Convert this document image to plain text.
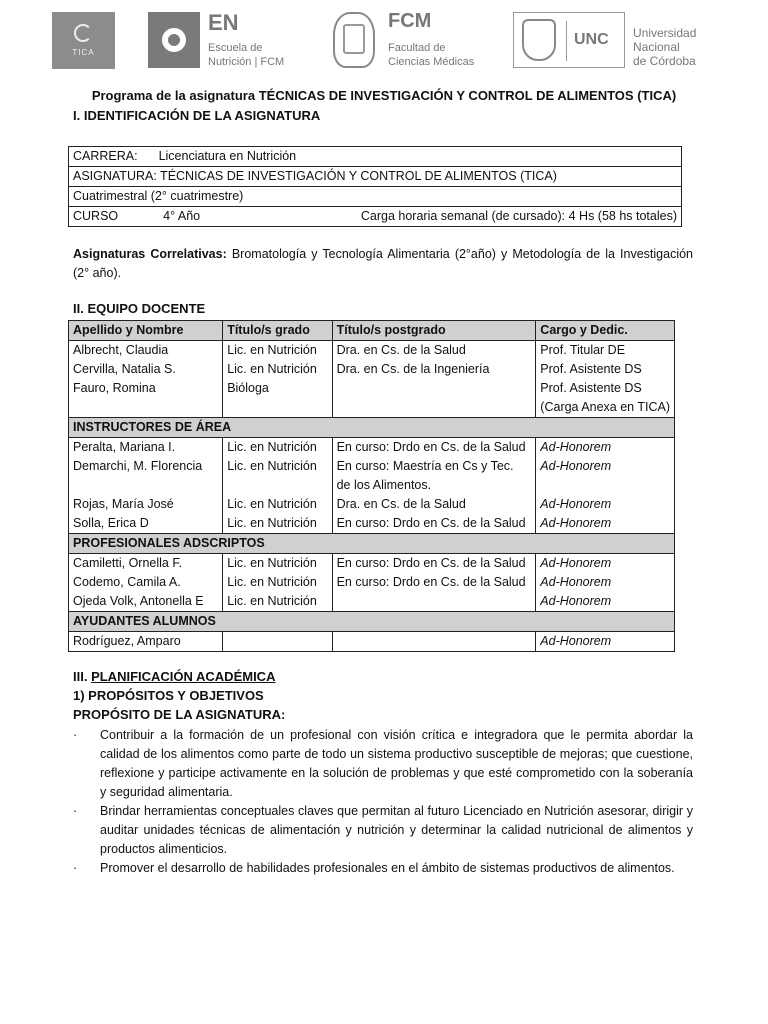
TICA
EN
Escuela de
Nutrición | FCM
FCM
Facultad de
Ciencias Médicas
UNC Universidad
Nacional
de Córdoba
Programa de la asignatura TÉCNICAS DE INVESTIGACIÓN Y CONTROL DE ALIMENTOS (TICA)
I. IDENTIFICACIÓN DE LA ASIGNATURA
CARRERA: Licenciatura en Nutrición
ASIGNATURA: TÉCNICAS DE INVESTIGACIÓN Y CONTROL DE ALIMENTOS (TICA)
Cuatrimestral (2° cuatrimestre)
CURSO	4° Año	Carga horaria semanal (de cursado): 4 Hs (58 hs totales)
Asignaturas Correlativas: Bromatología y Tecnología Alimentaria (2°año) y Metodología de la Investigación (2° año).
II. EQUIPO DOCENTE
Apellido y Nombre	Título/s grado	Título/s postgrado	Cargo y Dedic.
Albrecht, Claudia	Lic. en Nutrición	Dra. en Cs. de la Salud	Prof. Titular DE
Cervilla, Natalia S.	Lic. en Nutrición	Dra. en Cs. de la Ingeniería	Prof. Asistente DS
Fauro, Romina	Bióloga		Prof. Asistente DS
			(Carga Anexa en TICA)
INSTRUCTORES DE ÁREA			
Peralta, Mariana I.	Lic. en Nutrición	En curso: Drdo en Cs. de la Salud	Ad-Honorem
Demarchi, M. Florencia	Lic. en Nutrición	En curso: Maestría en Cs y Tec.	Ad-Honorem
		de los Alimentos.	
Rojas, María José	Lic. en Nutrición	Dra. en Cs. de la Salud	Ad-Honorem
Solla, Erica D	Lic. en Nutrición	En curso: Drdo en Cs. de la Salud	Ad-Honorem
PROFESIONALES ADSCRIPTOS			
Camiletti, Ornella F.	Lic. en Nutrición	En curso: Drdo en Cs. de la Salud	Ad-Honorem
Codemo, Camila A.	Lic. en Nutrición	En curso: Drdo en Cs. de la Salud	Ad-Honorem
Ojeda Volk, Antonella E	Lic. en Nutrición		Ad-Honorem
AYUDANTES ALUMNOS			
Rodríguez, Amparo			Ad-Honorem
III. PLANIFICACIÓN ACADÉMICA
1) PROPÓSITOS Y OBJETIVOS
PROPÓSITO DE LA ASIGNATURA:
· Contribuir a la formación de un profesional con visión crítica e integradora que le permita abordar la calidad de los alimentos como parte de todo un sistema productivo susceptible de mejoras; que cuestione, reflexione y participe activamente en la solución de problemas y que esté comprometido con la soberanía y seguridad alimentaria.
· Brindar herramientas conceptuales claves que permitan al futuro Licenciado en Nutrición asesorar, dirigir y auditar unidades técnicas de alimentación y nutrición y determinar la calidad nutricional de alimentos y productos alimenticios.
· Promover el desarrollo de habilidades profesionales en el ámbito de sistemas productivos de alimentos.
